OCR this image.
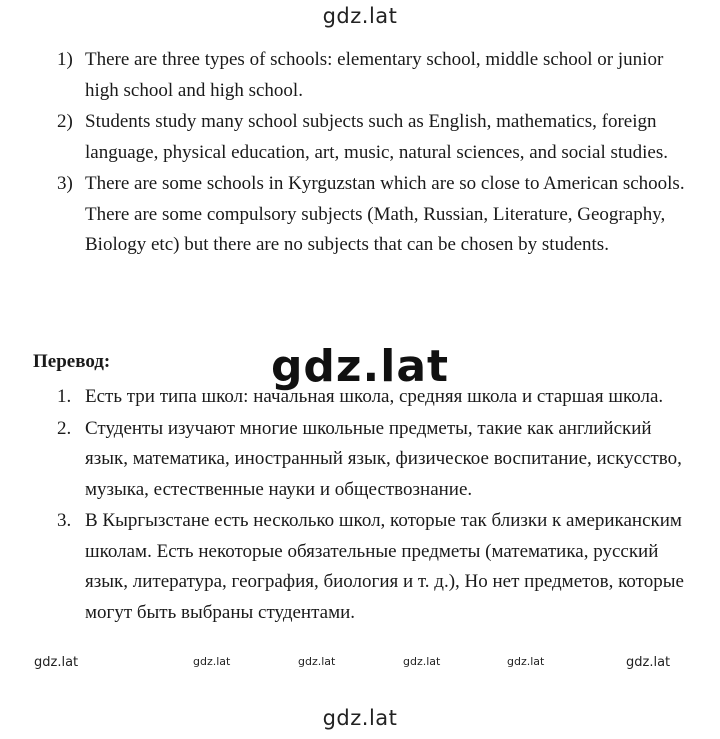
gdz.lat
1) There are three types of schools: elementary school, middle school or junior high school and high school.
2) Students study many school subjects such as English, mathematics, foreign language, physical education, art, music, natural sciences, and social studies.
3) There are some schools in Kyrguzstan which are so close to American schools. There are some compulsory subjects (Math, Russian, Literature, Geography, Biology etc) but there are no subjects that can be chosen by students.
Перевод:	gdz.lat
1. Есть три типа школ: начальная школа, средняя школа и старшая школа.
2. Студенты изучают многие школьные предметы, такие как английский язык, математика, иностранный язык, физическое воспитание, искусство, музыка, естественные науки и обществознание.
3. В Кыргызстане есть несколько школ, которые так близки к американским школам. Есть некоторые обязательные предметы (математика, русский язык, литература, география, биология и т. д.), Но нет предметов, которые могут быть выбраны студентами.
gdz.lat	gdz.lat	gdz.lat	gdz.lat	gdz.lat	gdz.lat
gdz.lat
